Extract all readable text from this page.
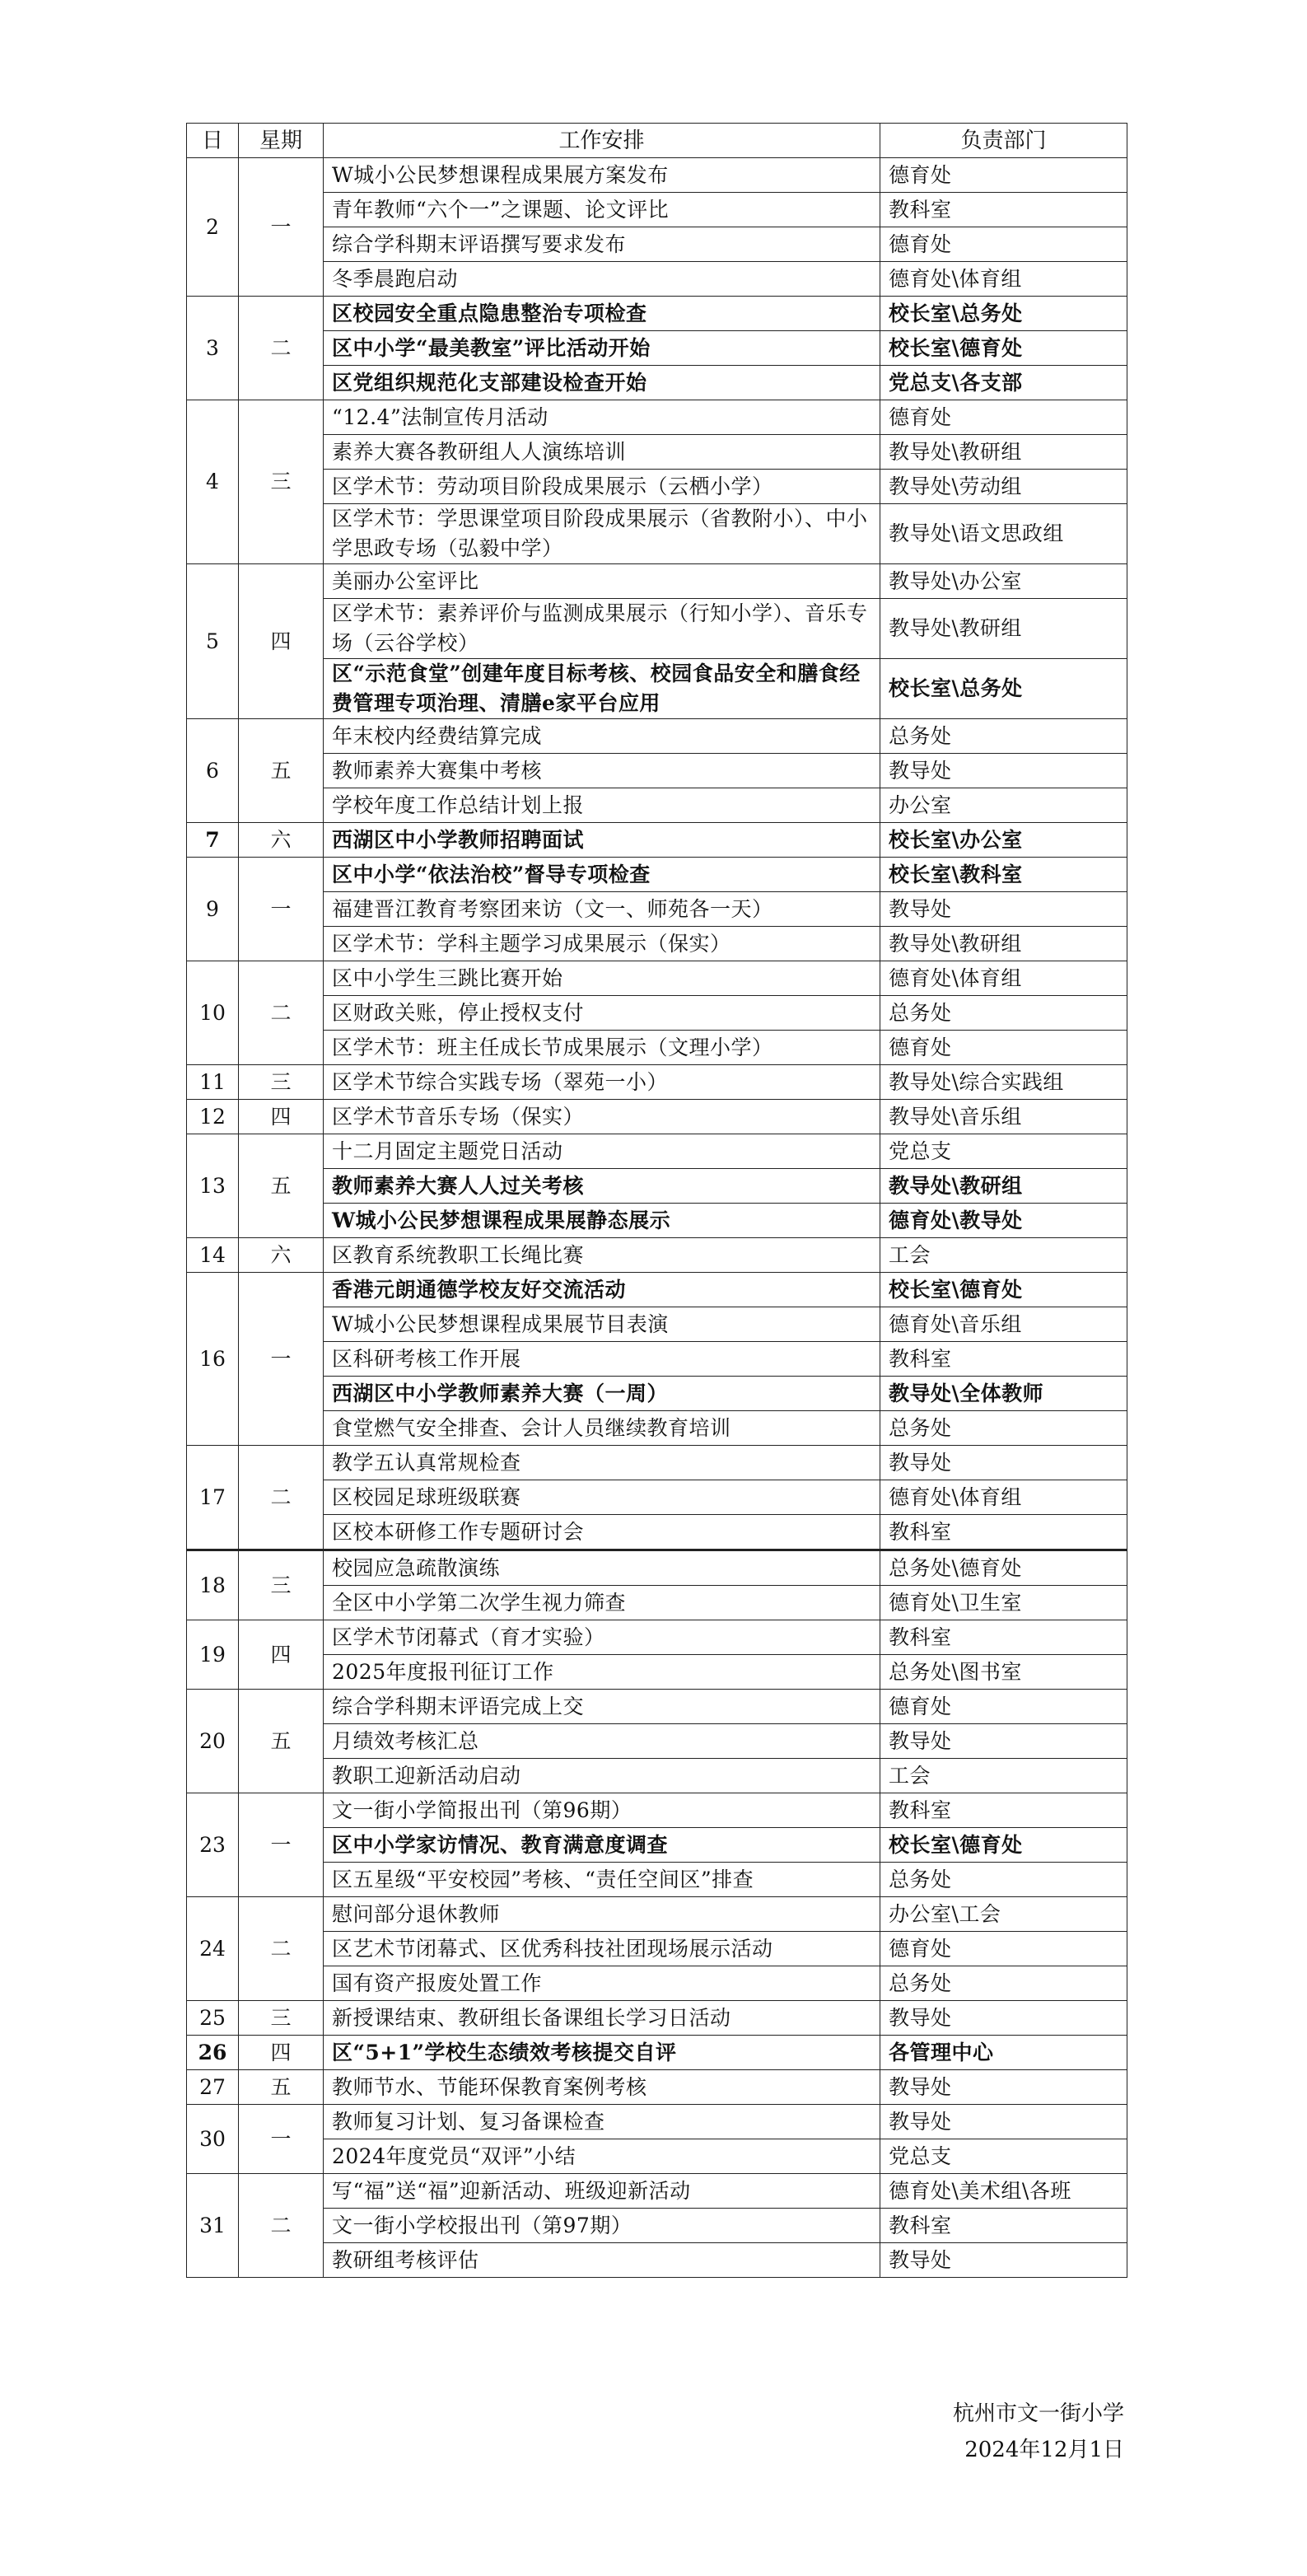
日	星期	工作安排	负责部门
2	一	W城小公民梦想课程成果展方案发布	德育处
		青年教师“六个一”之课题、论文评比	教科室
		综合学科期末评语撰写要求发布	德育处
		冬季晨跑启动	德育处\体育组
3	二	区校园安全重点隐患整治专项检查	校长室\总务处
		区中小学“最美教室”评比活动开始	校长室\德育处
		区党组织规范化支部建设检查开始	党总支\各支部
4	三	“12.4”法制宣传月活动	德育处
		素养大赛各教研组人人演练培训	教导处\教研组
		区学术节：劳动项目阶段成果展示（云栖小学）	教导处\劳动组
		区学术节：学思课堂项目阶段成果展示（省教附小）、中小学思政专场（弘毅中学）	教导处\语文思政组
5	四	美丽办公室评比	教导处\办公室
		区学术节：素养评价与监测成果展示（行知小学）、音乐专场（云谷学校）	教导处\教研组
		区“示范食堂”创建年度目标考核、校园食品安全和膳食经费管理专项治理、清膳e家平台应用	校长室\总务处
6	五	年末校内经费结算完成	总务处
		教师素养大赛集中考核	教导处
		学校年度工作总结计划上报	办公室
7	六	西湖区中小学教师招聘面试	校长室\办公室
9	一	区中小学“依法治校”督导专项检查	校长室\教科室
		福建晋江教育考察团来访（文一、师苑各一天）	教导处
		区学术节：学科主题学习成果展示（保实）	教导处\教研组
10	二	区中小学生三跳比赛开始	德育处\体育组
		区财政关账，停止授权支付	总务处
		区学术节：班主任成长节成果展示（文理小学）	德育处
11	三	区学术节综合实践专场（翠苑一小）	教导处\综合实践组
12	四	区学术节音乐专场（保实）	教导处\音乐组
13	五	十二月固定主题党日活动	党总支
		教师素养大赛人人过关考核	教导处\教研组
		W城小公民梦想课程成果展静态展示	德育处\教导处
14	六	区教育系统教职工长绳比赛	工会
16	一	香港元朗通德学校友好交流活动	校长室\德育处
		W城小公民梦想课程成果展节目表演	德育处\音乐组
		区科研考核工作开展	教科室
		西湖区中小学教师素养大赛（一周）	教导处\全体教师
		食堂燃气安全排查、会计人员继续教育培训	总务处
17	二	教学五认真常规检查	教导处
		区校园足球班级联赛	德育处\体育组
		区校本研修工作专题研讨会	教科室
18	三	校园应急疏散演练	总务处\德育处
		全区中小学第二次学生视力筛查	德育处\卫生室
19	四	区学术节闭幕式（育才实验）	教科室
		2025年度报刊征订工作	总务处\图书室
20	五	综合学科期末评语完成上交	德育处
		月绩效考核汇总	教导处
		教职工迎新活动启动	工会
23	一	文一街小学简报出刊（第96期）	教科室
		区中小学家访情况、教育满意度调查	校长室\德育处
		区五星级“平安校园”考核、“责任空间区”排查	总务处
24	二	慰问部分退休教师	办公室\工会
		区艺术节闭幕式、区优秀科技社团现场展示活动	德育处
		国有资产报废处置工作	总务处
25	三	新授课结束、教研组长备课组长学习日活动	教导处
26	四	区“5+1”学校生态绩效考核提交自评	各管理中心
27	五	教师节水、节能环保教育案例考核	教导处
30	一	教师复习计划、复习备课检查	教导处
		2024年度党员“双评”小结	党总支
31	二	写“福”送“福”迎新活动、班级迎新活动	德育处\美术组\各班
		文一街小学校报出刊（第97期）	教科室
		教研组考核评估	教导处
杭州市文一街小学
2024年12月1日
